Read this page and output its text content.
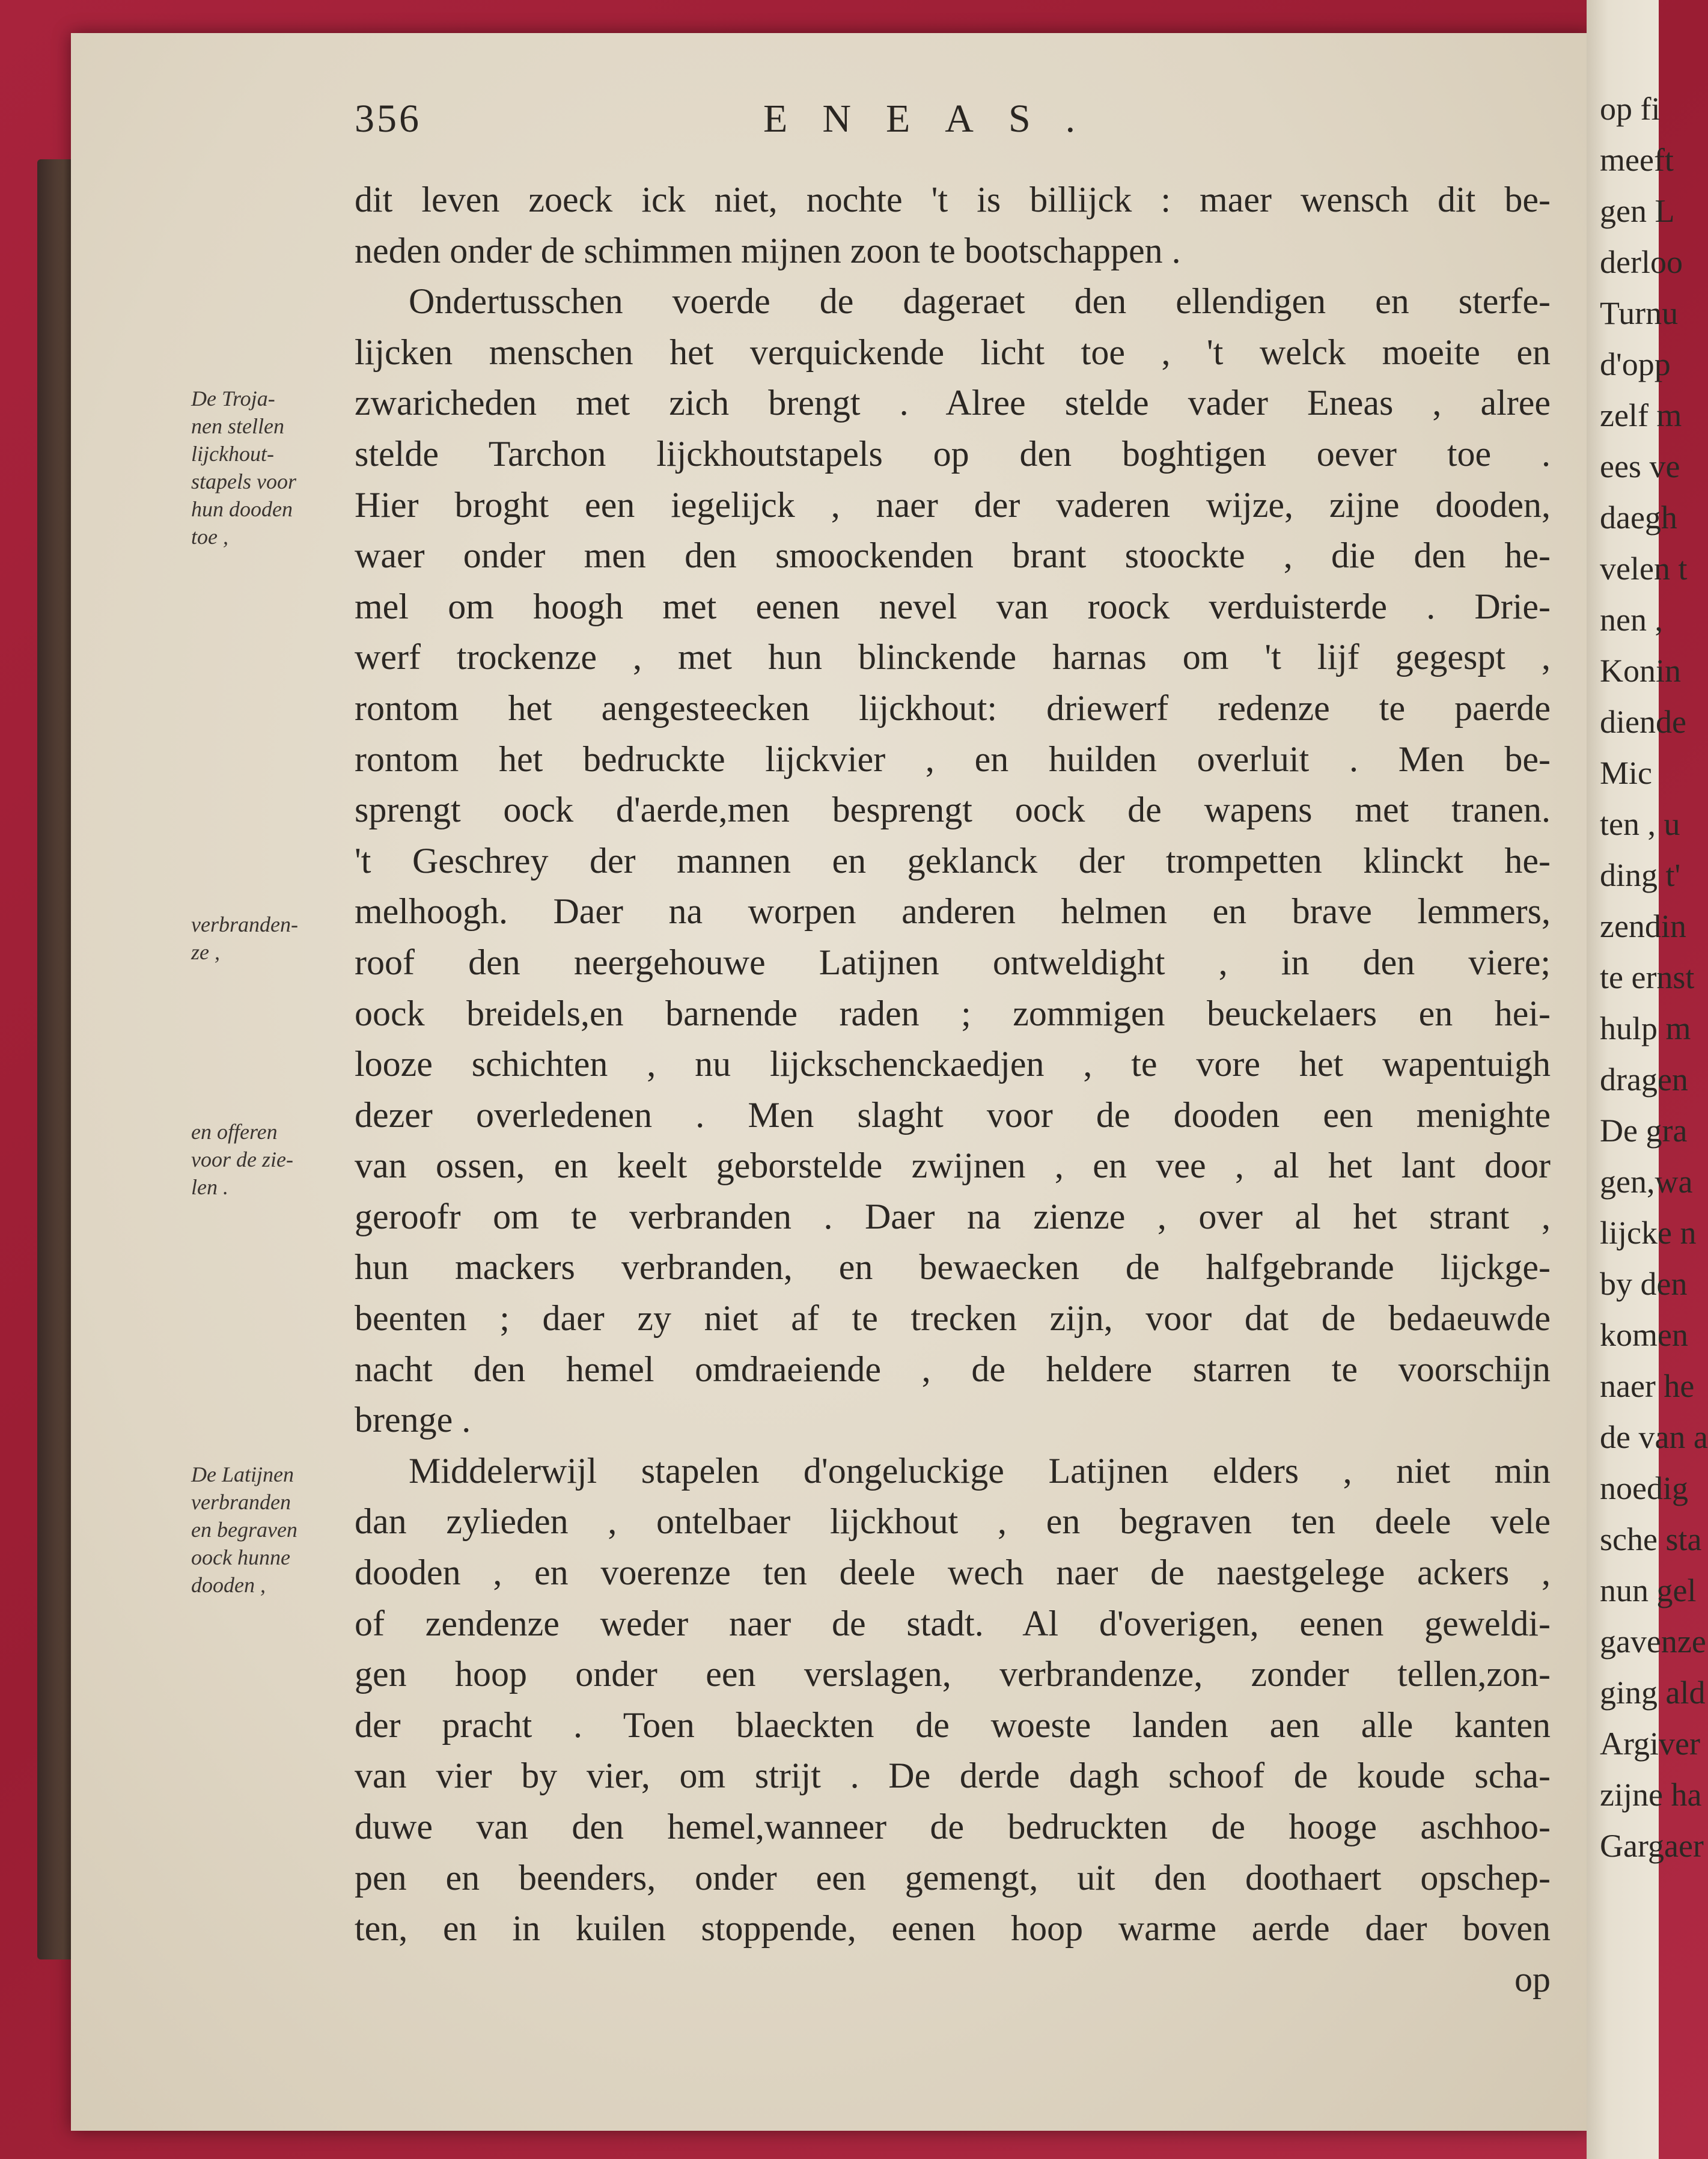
356	ENEAS.
dit leven zoeck ick niet, nochte 't is billijck : maer wensch dit be-
neden onder de schimmen mijnen zoon te bootschappen .
Ondertusschen voerde de dageraet den ellendigen en sterfe-
lijcken menschen het verquickende licht toe , 't welck moeite en
zwaricheden met zich brengt . Alree stelde vader Eneas , alree
stelde Tarchon lijckhoutstapels op den boghtigen oever toe .
Hier broght een iegelijck , naer der vaderen wijze, zijne dooden,
waer onder men den smoockenden brant stoockte , die den he-
mel om hoogh met eenen nevel van roock verduisterde . Drie-
werf trockenze , met hun blinckende harnas om 't lijf gegespt ,
rontom het aengesteecken lijckhout: driewerf redenze te paerde
rontom het bedruckte lijckvier , en huilden overluit . Men be-
sprengt oock d'aerde,men besprengt oock de wapens met tranen.
't Geschrey der mannen en geklanck der trompetten klinckt he-
melhoogh. Daer na worpen anderen helmen en brave lemmers,
roof den neergehouwe Latijnen ontweldight , in den viere;
oock breidels,en barnende raden ; zommigen beuckelaers en hei-
looze schichten , nu lijckschenckaedjen , te vore het wapentuigh
dezer overledenen . Men slaght voor de dooden een menighte
van ossen, en keelt geborstelde zwijnen , en vee , al het lant door
geroofr om te verbranden . Daer na zienze , over al het strant ,
hun mackers verbranden, en bewaecken de halfgebrande lijckge-
beenten ; daer zy niet af te trecken zijn, voor dat de bedaeuwde
nacht den hemel omdraeiende , de heldere starren te voorschijn
brenge .
Middelerwijl stapelen d'ongeluckige Latijnen elders , niet min
dan zylieden , ontelbaer lijckhout , en begraven ten deele vele
dooden , en voerenze ten deele wech naer de naestgelege ackers ,
of zendenze weder naer de stadt. Al d'overigen, eenen geweldi-
gen hoop onder een verslagen, verbrandenze, zonder tellen,zon-
der pracht . Toen blaeckten de woeste landen aen alle kanten
van vier by vier, om strijt . De derde dagh schoof de koude scha-
duwe van den hemel,wanneer de bedruckten de hooge aschhoo-
pen en beenders, onder een gemengt, uit den doothaert opschep-
ten, en in kuilen stoppende, eenen hoop warme aerde daer boven
op
De Troja-
nen stellen
lijckhout-
stapels voor
hun dooden
toe ,
verbranden-
ze ,
en offeren
voor de zie-
len .
De Latijnen
verbranden
en begraven
oock hunne
dooden ,
op fi
meeft
gen L
derloo
Turnu
d'opp
zelf m
ees ve
daegh
velen t
nen ,
Konin
diende
Mic
ten , u
ding t'
zendin
te ernst
hulp m
dragen
De gra
gen,wa
lijcke n
by den
komen
naer he
de van a
noedig
sche sta
nun gel
gavenze
ging ald
Argiver
zijne ha
Gargaer
